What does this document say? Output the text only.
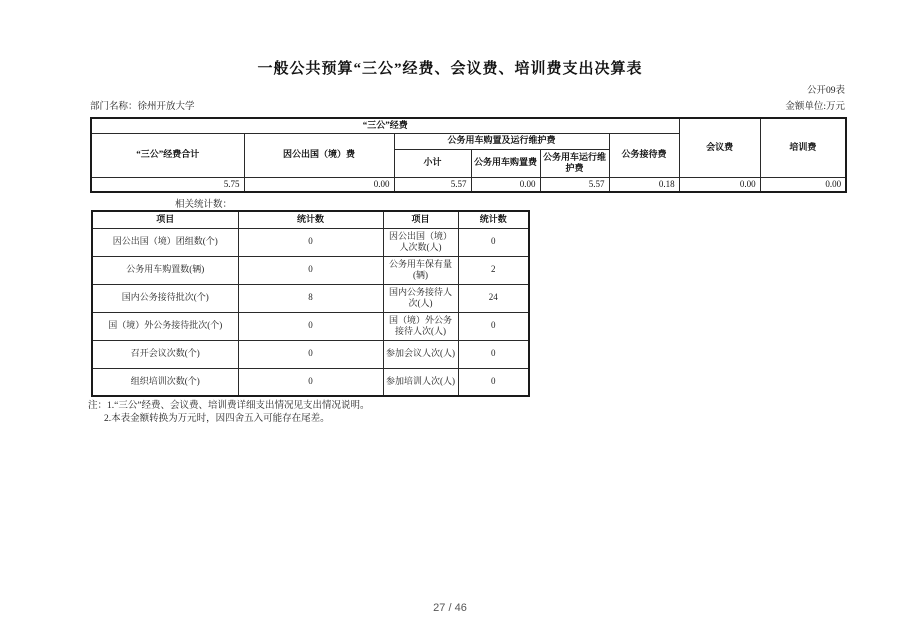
一般公共预算“三公”经费、会议费、培训费支出决算表
公开09表
部门名称：徐州开放大学	金额单位:万元
“三公”经费						会议费	培训费
“三公”经费合计	因公出国（境）费	公务用车购置及运行维护费			公务接待费		
		小计	公务用车购置费	公务用车运行维护费			
5.75	0.00	5.57	0.00	5.57	0.18	0.00	0.00
相关统计数：
项目	统计数	项目	统计数
因公出国（境）团组数(个)	0	因公出国（境）人次数(人)	0
公务用车购置数(辆)	0	公务用车保有量(辆)	2
国内公务接待批次(个)	8	国内公务接待人次(人)	24
国（境）外公务接待批次(个)	0	国（境）外公务接待人次(人)	0
召开会议次数(个)	0	参加会议人次(人)	0
组织培训次数(个)	0	参加培训人次(人)	0
注：1.“三公”经费、会议费、培训费详细支出情况见支出情况说明。
2.本表金额转换为万元时，因四舍五入可能存在尾差。
27 / 46
